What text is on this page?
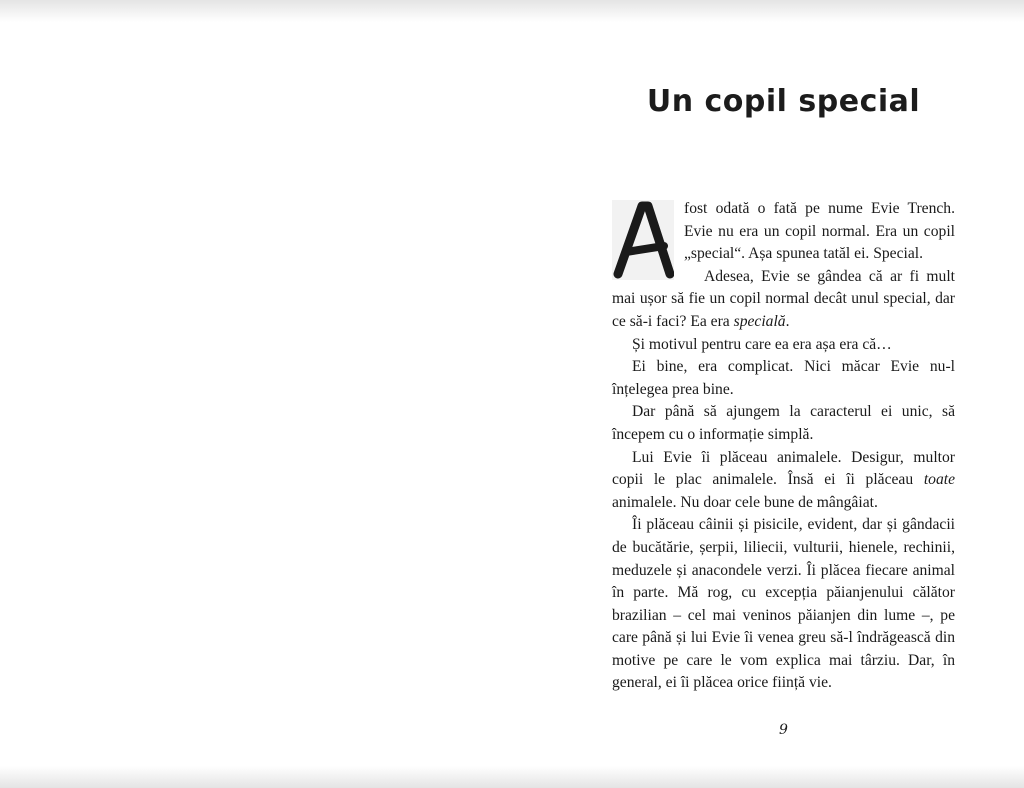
Un copil special

fost odată o fată pe nume Evie Trench. Evie nu era un copil normal. Era un copil „special“. Așa spunea tatăl ei. Special.

Adesea, Evie se gândea că ar fi mult mai ușor să fie un copil normal decât unul special, dar ce să-i faci? Ea era specială.

Și motivul pentru care ea era așa era că…

Ei bine, era complicat. Nici măcar Evie nu-l înțelegea prea bine.

Dar până să ajungem la caracterul ei unic, să începem cu o informație simplă.

Lui Evie îi plăceau animalele. Desigur, multor copii le plac animalele. Însă ei îi plăceau toate animalele. Nu doar cele bune de mângâiat.

Îi plăceau câinii și pisicile, evident, dar și gândacii de bucătărie, șerpii, liliecii, vulturii, hienele, rechinii, meduzele și anacondele verzi. Îi plăcea fiecare animal în parte. Mă rog, cu excepția păianjenului călător brazilian – cel mai veninos păianjen din lume –, pe care până și lui Evie îi venea greu să-l îndrăgească din motive pe care le vom explica mai târziu. Dar, în general, ei îi plăcea orice ființă vie.

9
